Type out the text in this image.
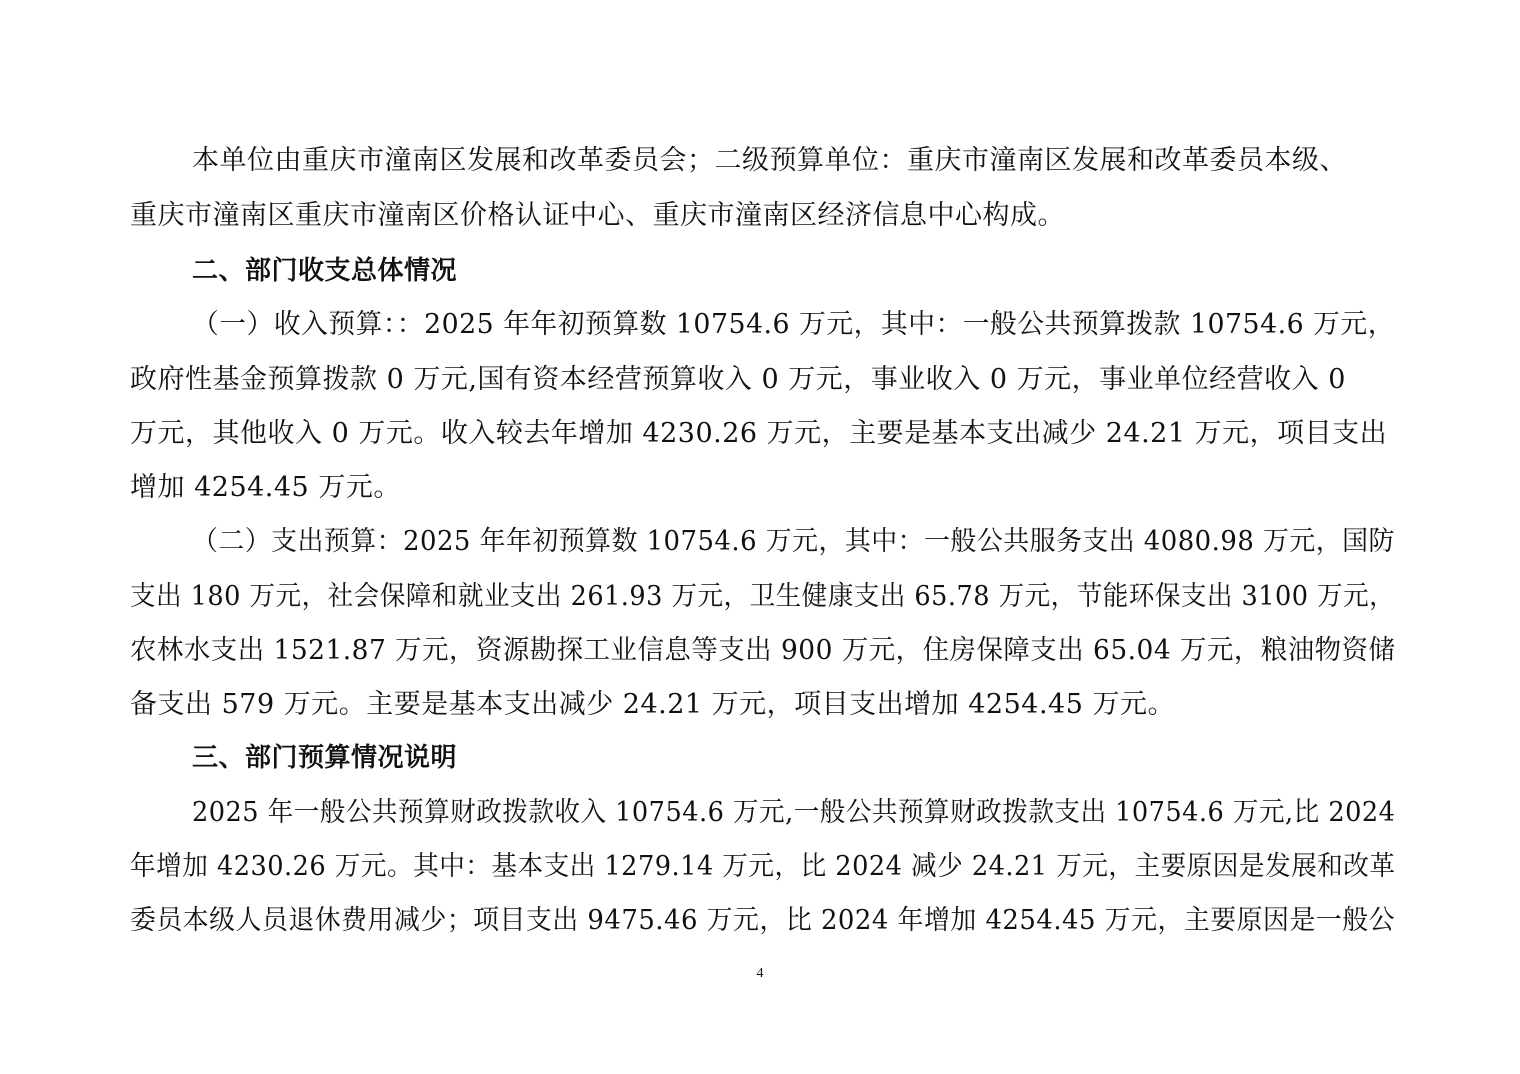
本单位由重庆市潼南区发展和改革委员会；二级预算单位：重庆市潼南区发展和改革委员本级、
重庆市潼南区重庆市潼南区价格认证中心、重庆市潼南区经济信息中心构成。
二、部门收支总体情况
（一）收入预算：：2025 年年初预算数 10754.6 万元，其中：一般公共预算拨款 10754.6 万元，
政府性基金预算拨款 0 万元,国有资本经营预算收入 0 万元，事业收入 0 万元，事业单位经营收入 0
万元，其他收入 0 万元。收入较去年增加 4230.26 万元，主要是基本支出减少 24.21 万元，项目支出
增加 4254.45 万元。
（二）支出预算：2025 年年初预算数 10754.6 万元，其中：一般公共服务支出 4080.98 万元，国防
支出 180 万元，社会保障和就业支出 261.93 万元，卫生健康支出 65.78 万元，节能环保支出 3100 万元，
农林水支出 1521.87 万元，资源勘探工业信息等支出 900 万元，住房保障支出 65.04 万元，粮油物资储
备支出 579 万元。主要是基本支出减少 24.21 万元，项目支出增加 4254.45 万元。
三、部门预算情况说明
2025 年一般公共预算财政拨款收入 10754.6 万元,一般公共预算财政拨款支出 10754.6 万元,比 2024
年增加 4230.26 万元。其中：基本支出 1279.14 万元，比 2024 减少 24.21 万元，主要原因是发展和改革
委员本级人员退休费用减少；项目支出 9475.46 万元，比 2024 年增加 4254.45 万元，主要原因是一般公
4
